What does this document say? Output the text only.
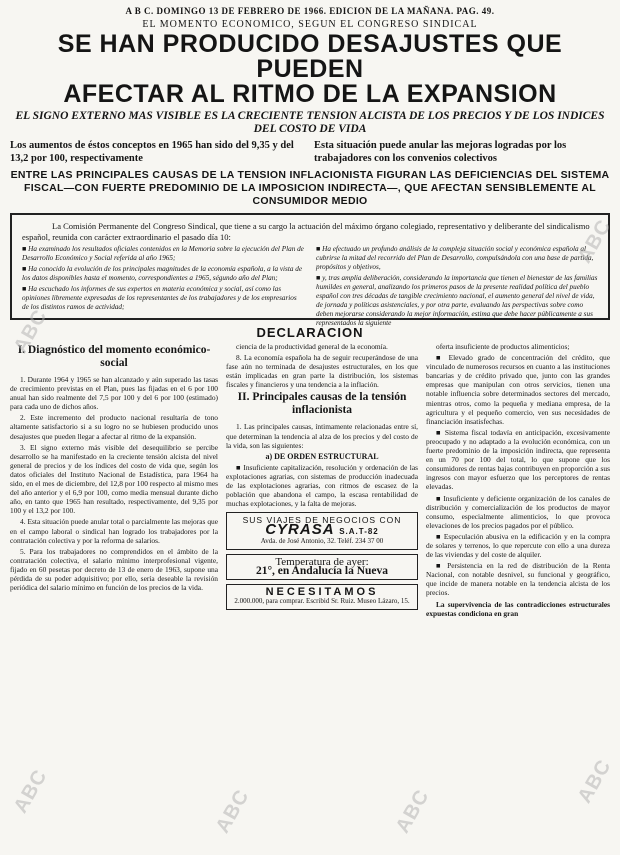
A B C. DOMINGO 13 DE FEBRERO DE 1966. EDICION DE LA MAÑANA. PAG. 49.
EL MOMENTO ECONOMICO, SEGUN EL CONGRESO SINDICAL
SE HAN PRODUCIDO DESAJUSTES QUE PUEDEN
AFECTAR AL RITMO DE LA EXPANSION
EL SIGNO EXTERNO MAS VISIBLE ES LA CRECIENTE TENSION ALCISTA DE LOS PRECIOS Y DE LOS INDICES DEL COSTO DE VIDA
Los aumentos de éstos conceptos en 1965 han sido del 9,35 y del 13,2 por 100, respectivamente
Esta situación puede anular las mejoras logradas por los trabajadores con los convenios colectivos
ENTRE LAS PRINCIPALES CAUSAS DE LA TENSION INFLACIONISTA FIGURAN LAS DEFICIENCIAS DEL SISTEMA FISCAL—CON FUERTE PREDOMINIO DE LA IMPOSICION INDIRECTA—, QUE AFECTAN SENSIBLEMENTE AL CONSUMIDOR MEDIO
La Comisión Permanente del Congreso Sindical, que tiene a su cargo la actuación del máximo órgano colegiado, representativo y deliberante del sindicalismo español, reunida con carácter extraordinario el pasado día 10:

■ Ha examinado los resultados oficiales contenidos en la Memoria sobre la ejecución del Plan de Desarrollo Económico y Social referida al año 1965;

■ Ha conocido la evolución de los principales magnitudes de la economía española, a la vista de los datos disponibles hasta el momento, correspondientes a 1965, ségundo año del Plan;

■ Ha escuchado los informes de sus expertos en materia económica y social, así como las opiniones libremente expresadas de los representantes de los trabajadores y de los empresarios de los distintos ramos de actividad;

■ Ha efectuado un profundo análisis de la compleja situación social y económica española al cubrirse la mitad del recorrido del Plan de Desarrollo, compulsándola con una base de partida, propósitos y objetivos,

■ y, tras amplia deliberación, considerando la importancia que tienen el bienestar de las familias humildes en general, analizando los primeros pasos de la presente realidad política del pueblo español con tres décadas de tangible crecimiento nacional, el aumento general del nivel de vida, de jornada y políticas asistenciales, y por otra parte, evaluando las perspectivas sobre como deben mejorarse considerando la mejor información, estima que debe hacer públicamente a sus representados la siguiente

DECLARACION
I. Diagnóstico del momento económico-social

1. Durante 1964 y 1965 se han alcanzado y aún superado las tasas de crecimiento previstas en el Plan, pues las fijadas en el 6 por 100 anual han sido realmente del 7,5 por 100 y del 6 por 100 (estimado) para cada uno de dichos años.

2. Este incremento del producto nacional resultaría de tono altamente satisfactorio si a su logro no se hubiesen producido unos desajustes que pueden llegar a afectar al ritmo de la expansión.

3. El signo externo más visible del desequilibrio se percibe desarrollo se ha manifestado en la creciente tensión alcista del nivel general de precios y de los índices del costo de vida que, según los datos oficiales del Instituto Nacional de Estadística, para 1964 ha sido, en el mes de diciembre, del 12,8 por 100 respecto al mismo mes del año anterior y el 6,9 por 100, como media mensual durante dicho año, en tanto que 1965 han resultado, respectivamente, del 9,35 por 100 y el 13,2 por 100.

4. Esta situación puede anular total o parcialmente las mejoras que en el campo laboral o sindical han logrado los trabajadores por la contratación colectiva y por la reforma de salarios.

5. Para los trabajadores no comprendidos en el ámbito de la contratación colectiva, el salario mínimo interprofesional vigente, fijado en 60 pesetas por decreto de 13 de enero de 1963, supone una pérdida de su poder adquisitivo; por ello, sería deseable la revisión periódica del salario mínimo en función de los precios de la vida.

ciencia de la productividad general de la economía.

8. La economía española ha de seguir recuperándose de una fase aún no terminada de desajustes estructurales, en los que están implicadas en gran parte la distribución, los sistemas fiscales y financieros y una tendencia a la inflación.

II. Principales causas de la tensión inflacionista

1. Las principales causas, íntimamente relacionadas entre sí, que determinan la tendencia al alza de los precios y del costo de la vida, son las siguientes:

a) DE ORDEN ESTRUCTURAL

■ Insuficiente capitalización, resolución y ordenación de las explotaciones agrarias, con sistemas de producción inadecuada de las explotaciones agrarias, con ritmos de escasez de la población que abandona el campo, la escasa rentabilidad de muchas explotaciones, y la falta de mejoras.

SUS VIAJES DE NEGOCIOS CON
CYRASA S.A.T-82
Avda. de José Antonio, 32. Teléf. 234 37 00
Temperatura de ayer:
21°, en Andalucía la Nueva
NECESITAMOS
2.000.000, para comprar. Escribid Sr. Ruiz. Museo Lázaro, 15.

oferta insuficiente de productos alimenticios;

■ Elevado grado de concentración del crédito, que vinculado de numerosos recursos en cuanto a las instituciones bancarias y de crédito privado que, junto con las grandes empresas que manipulan con otros servicios, tienen una notable influencia sobre determinados sectores del mercado, mientras otros, como la pequeña y mediana empresa, de la agricultura y el pequeño comercio, ven sus necesidades de financiación insatisfechas.

■ Sistema fiscal todavía en anticipación, excesivamente preocupado y no adaptado a la evolución económica, con un fuerte predominio de la imposición indirecta, que representa en un 70 por 100 del total, lo que supone que los consumidores de rentas bajas contribuyen en proporción a sus ingresos con mayor esfuerzo que los perceptores de rentas elevadas.

■ Insuficiente y deficiente organización de los canales de distribución y comercialización de los productos de mayor consumo, especialmente alimenticios, lo que provoca elevaciones de los precios pagados por el público.

■ Especulación abusiva en la edificación y en la compra de solares y terrenos, lo que repercute con ello a una dureza de las viviendas y del coste de alquiler.

■ Persistencia en la red de distribución de la Renta Nacional, con notable desnivel, su funcional y geográfico, que incide de manera notable en la tendencia alcista de los precios.

La supervivencia de las contradicciones estructurales expuestas condiciona en gran

ABC
ABC
ABC
ABC
ABC	ABC
